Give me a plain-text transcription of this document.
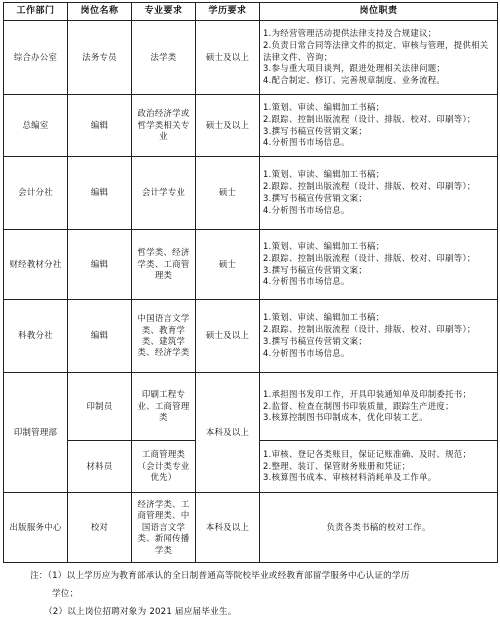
工作部门	岗位名称	专业要求	学历要求	岗位职责
综合办公室	法务专员	法学类	硕士及以上	1.为经营管理活动提供法律支持及合规建议；
2.负责日常合同等法律文件的拟定、审核与管理，提供相关法律文件、咨询；
3.参与重大项目谈判，跟进处理相关法律问题；
4.配合制定、修订、完善规章制度、业务流程。

总编室	编辑	政治经济学或哲学类相关专业	硕士及以上	1.策划、审读、编辑加工书稿；
2.跟踪、控制出版流程（设计、排版、校对、印刷等）；
3.撰写书稿宣传营销文案；
4.分析图书市场信息。

会计分社	编辑	会计学专业	硕士	1.策划、审读、编辑加工书稿；
2.跟踪、控制出版流程（设计、排版、校对、印刷等）；
3.撰写书稿宣传营销文案；
4.分析图书市场信息。

财经教材分社	编辑	哲学类、经济学类、工商管理类	硕士	1.策划、审读、编辑加工书稿；
2.跟踪、控制出版流程（设计、排版、校对、印刷等）；
3.撰写书稿宣传营销文案；
4.分析图书市场信息。

科教分社	编辑	中国语言文学类、教育学类、建筑学类、经济学类	硕士及以上	1.策划、审读、编辑加工书稿；
2.跟踪、控制出版流程（设计、排版、校对、印刷等）；
3.撰写书稿宣传营销文案；
4.分析图书市场信息。

印制管理部	印制员	印刷工程专业、工商管理类	本科及以上	1.承担图书发印工作，开具印装通知单及印制委托书；
2.监督、检查在制图书印装质量，跟踪生产进度；
3.核算控制图书印制成本，优化印装工艺。

	材料员	工商管理类（会计类专业优先）		1.审核、登记各类账目，保证记账准确、及时、规范；
2.整理、装订、保管财务账册和凭证；
3.核算图书成本、审核材料消耗单及工作单。

出版服务中心	校对	经济学类、工商管理类、中国语言文学类、新闻传播学类	本科及以上	负责各类书稿的校对工作。
注：（1）以上学历应为教育部承认的全日制普通高等院校毕业或经教育部留学服务中心认证的学历
学位；
（2）以上岗位招聘对象为 2021 届应届毕业生。
